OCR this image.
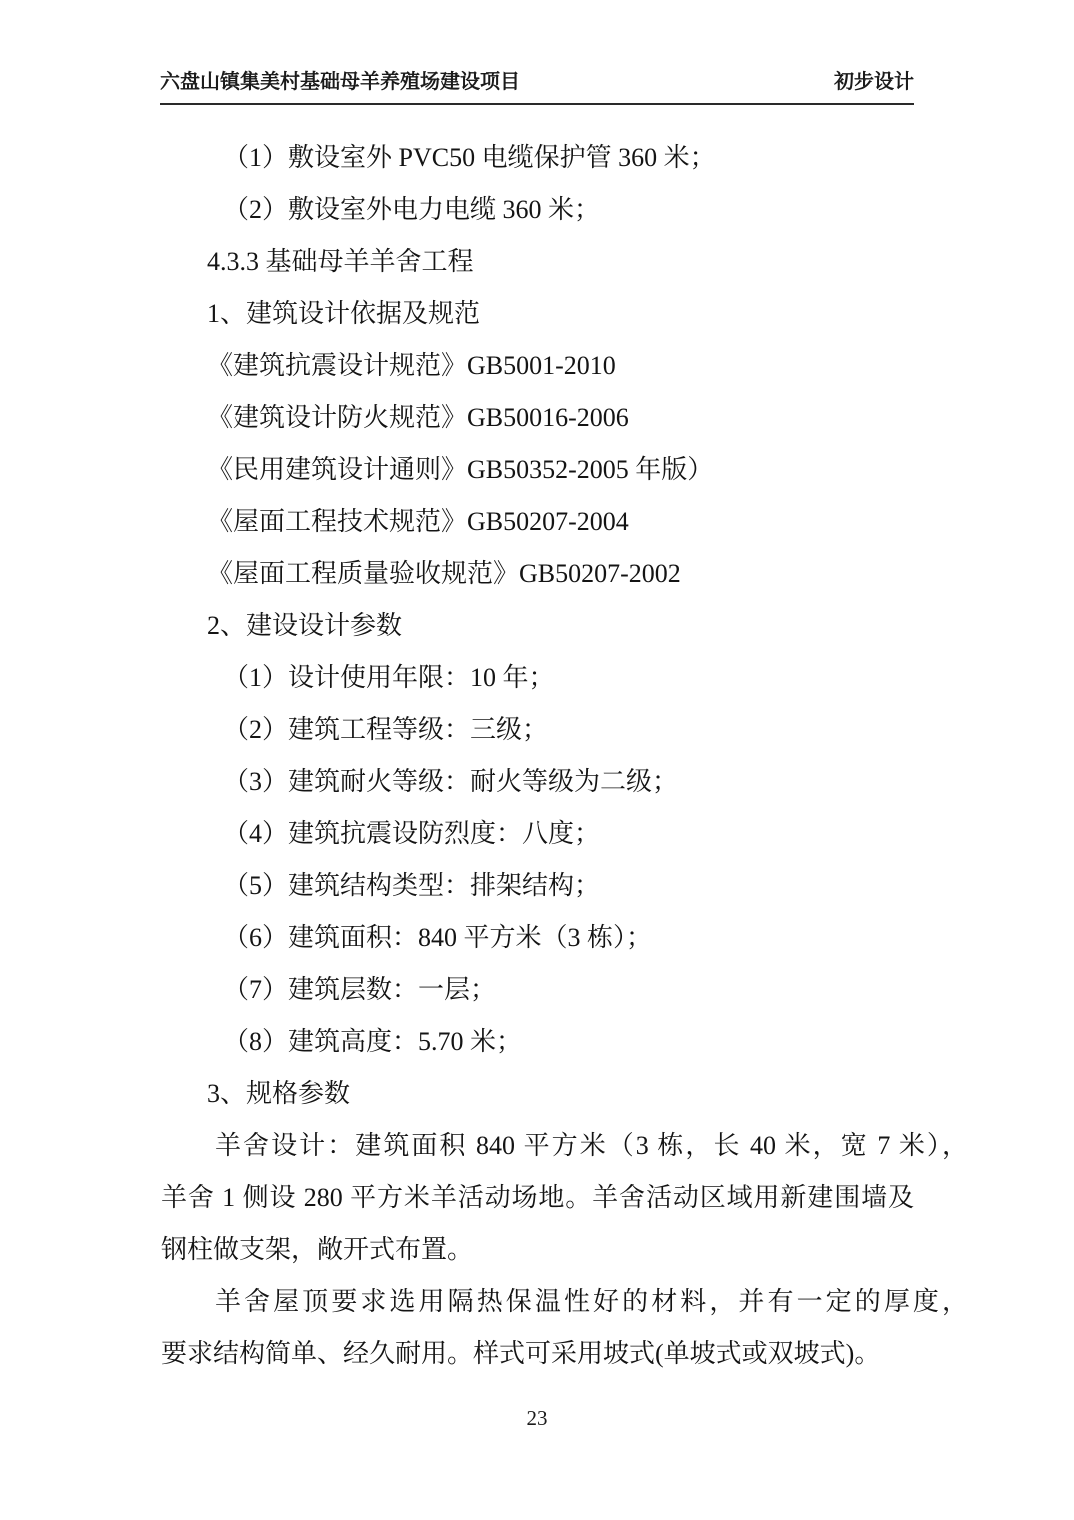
六盘山镇集美村基础母羊养殖场建设项目	初步设计
（1）敷设室外 PVC50 电缆保护管 360 米；
（2）敷设室外电力电缆 360 米；
4.3.3 基础母羊羊舍工程
1、建筑设计依据及规范
《建筑抗震设计规范》GB5001-2010
《建筑设计防火规范》GB50016-2006
《民用建筑设计通则》GB50352-2005 年版）
《屋面工程技术规范》GB50207-2004
《屋面工程质量验收规范》GB50207-2002
2、建设设计参数
（1）设计使用年限：10 年；
（2）建筑工程等级：三级；
（3）建筑耐火等级：耐火等级为二级；
（4）建筑抗震设防烈度：八度；
（5）建筑结构类型：排架结构；
（6）建筑面积：840 平方米（3 栋）；
（7）建筑层数：一层；
（8）建筑高度：5.70 米；
3、规格参数
羊舍设计：建筑面积 840 平方米（3 栋，长 40 米，宽 7 米），
羊舍 1 侧设 280 平方米羊活动场地。羊舍活动区域用新建围墙及
钢柱做支架，敞开式布置。
羊舍屋顶要求选用隔热保温性好的材料，并有一定的厚度，
要求结构简单、经久耐用。样式可采用坡式(单坡式或双坡式)。
23
